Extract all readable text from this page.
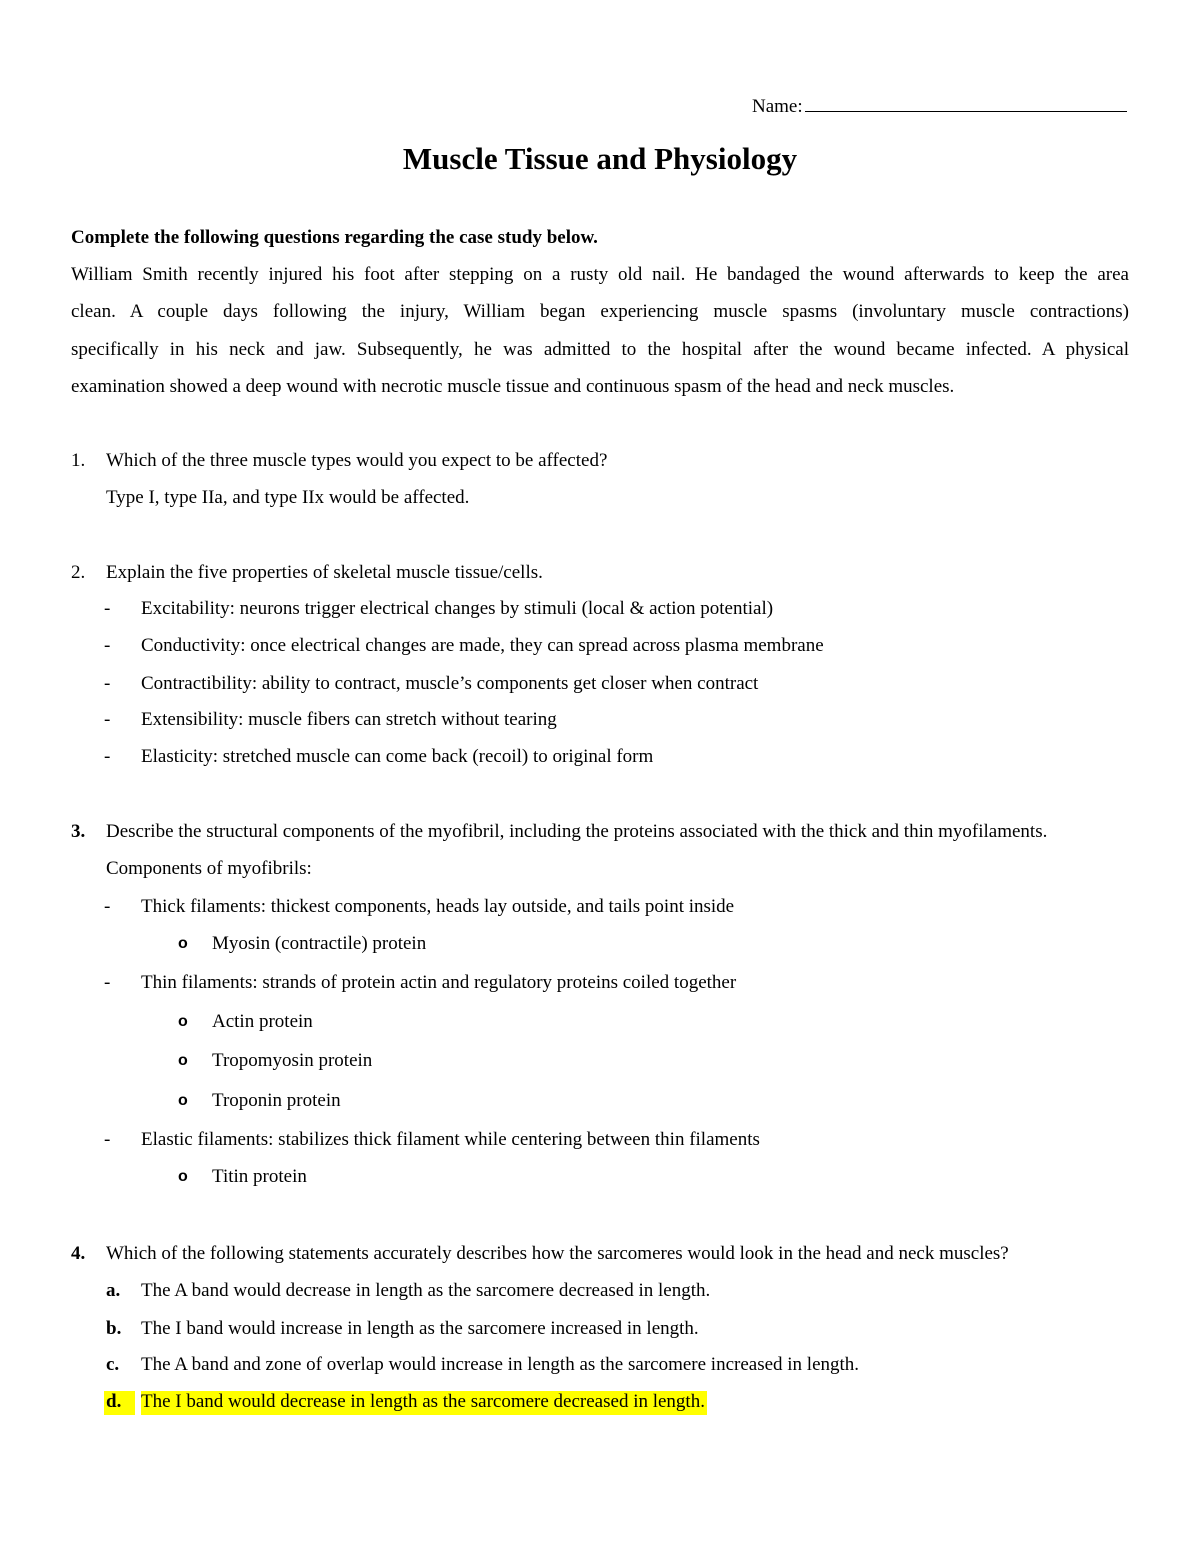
Name:
Muscle Tissue and Physiology
Complete the following questions regarding the case study below.
William Smith recently injured his foot after stepping on a rusty old nail. He bandaged the wound afterwards to keep the area
clean. A couple days following the injury, William began experiencing muscle spasms (involuntary muscle contractions)
specifically in his neck and jaw. Subsequently, he was admitted to the hospital after the wound became infected. A physical
examination showed a deep wound with necrotic muscle tissue and continuous spasm of the head and neck muscles.
1. Which of the three muscle types would you expect to be affected?
Type I, type IIa, and type IIx would be affected.
2. Explain the five properties of skeletal muscle tissue/cells.
- Excitability: neurons trigger electrical changes by stimuli (local & action potential)
- Conductivity: once electrical changes are made, they can spread across plasma membrane
- Contractibility: ability to contract, muscle’s components get closer when contract
- Extensibility: muscle fibers can stretch without tearing
- Elasticity: stretched muscle can come back (recoil) to original form
3. Describe the structural components of the myofibril, including the proteins associated with the thick and thin myofilaments.
Components of myofibrils:
- Thick filaments: thickest components, heads lay outside, and tails point inside
o Myosin (contractile) protein
- Thin filaments: strands of protein actin and regulatory proteins coiled together
o Actin protein
o Tropomyosin protein
o Troponin protein
- Elastic filaments: stabilizes thick filament while centering between thin filaments
o Titin protein
4. Which of the following statements accurately describes how the sarcomeres would look in the head and neck muscles?
a. The A band would decrease in length as the sarcomere decreased in length.
b. The I band would increase in length as the sarcomere increased in length.
c. The A band and zone of overlap would increase in length as the sarcomere increased in length.
d.	The I band would decrease in length as the sarcomere decreased in length.
